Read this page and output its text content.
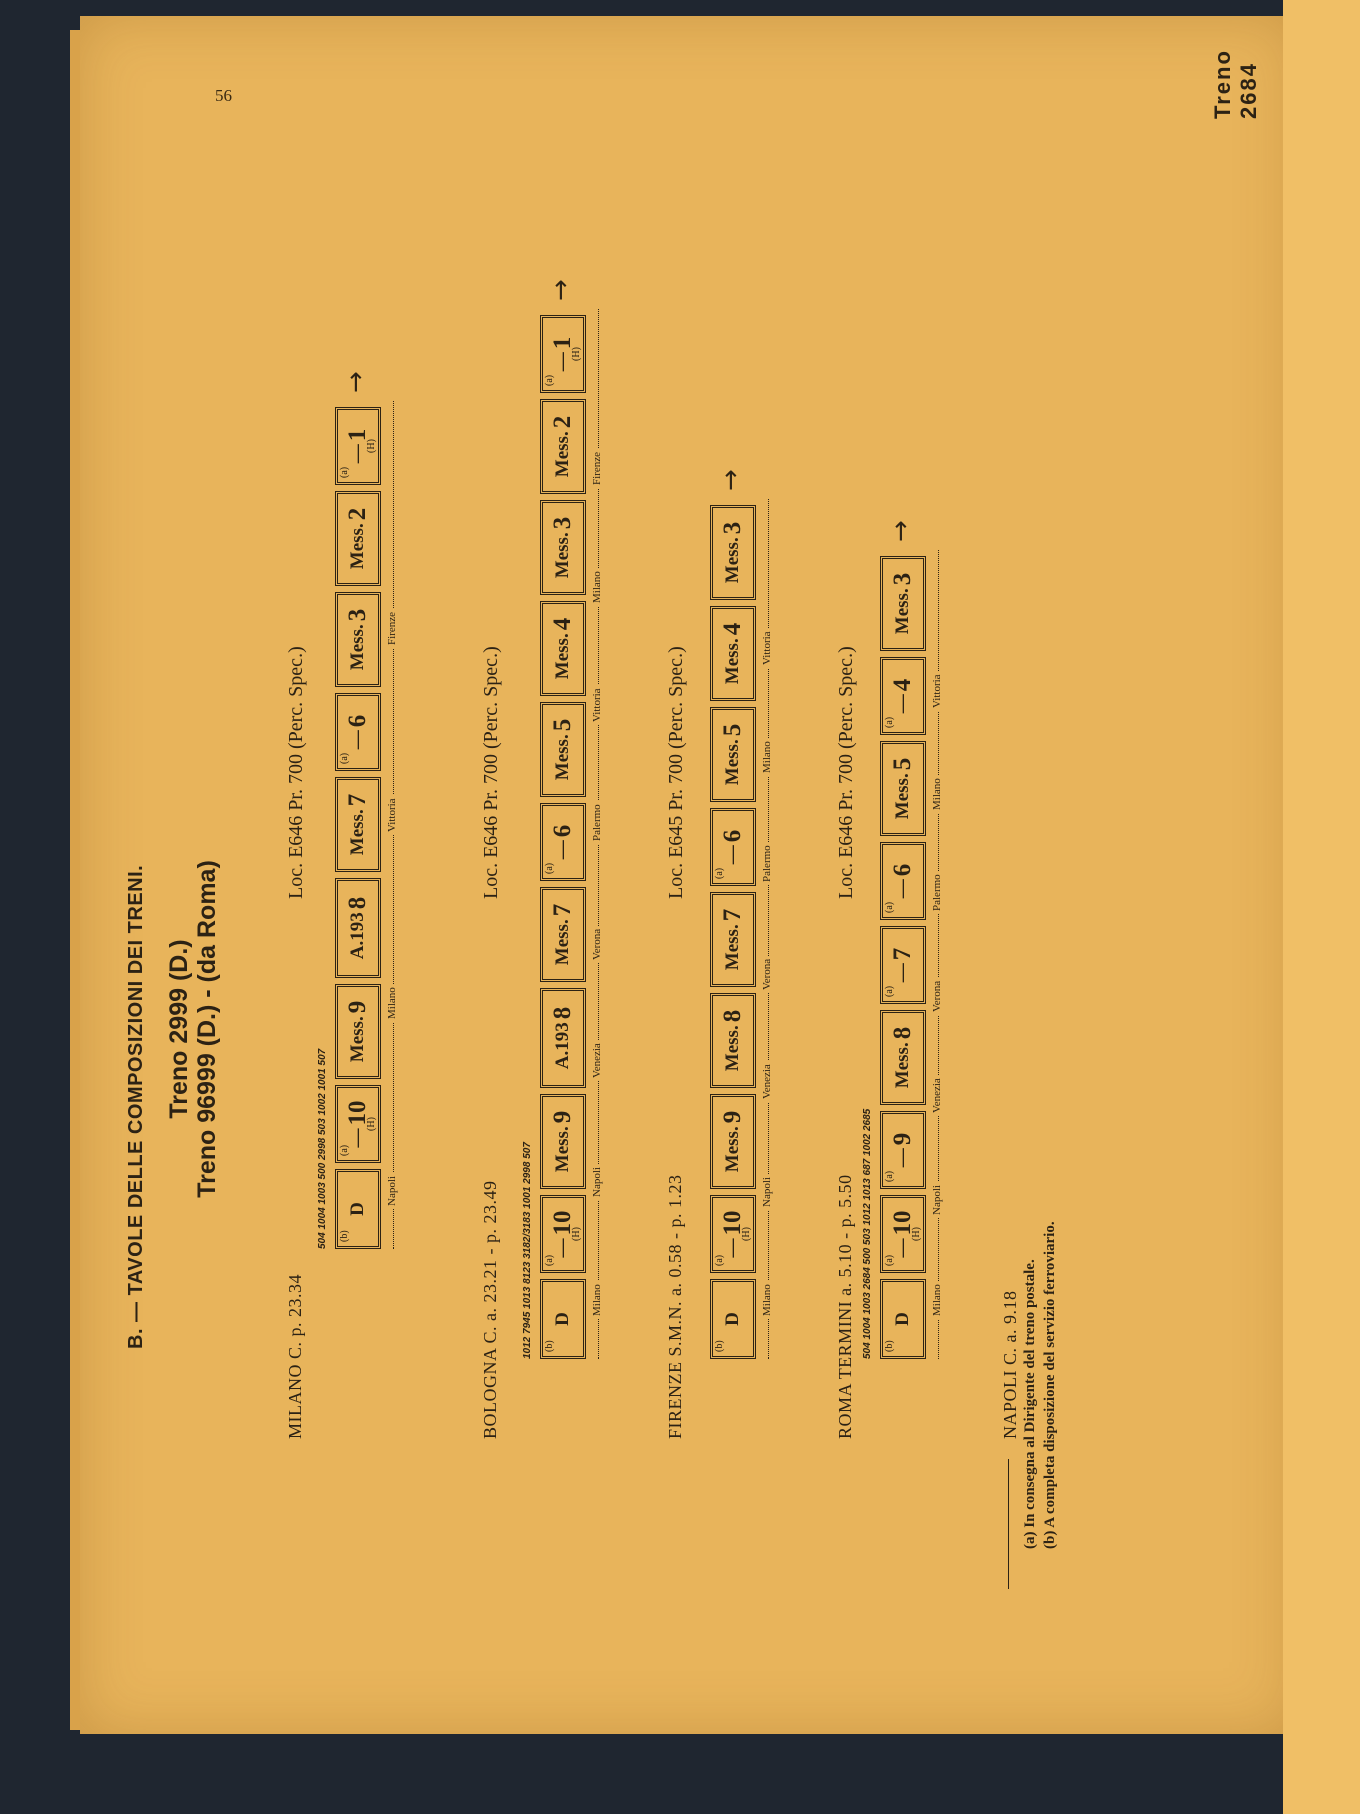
56
B. — TAVOLE DELLE COMPOSIZIONI DEI TRENI. Treno 2999 (D.) Treno 96999 (D.) - (da Roma)
MILANO C. p. 23.34
Loc. E646 Pr. 700 (Perc. Spec.)
BOLOGNA C. a. 23.21 - p. 23.49
Loc. E646 Pr. 700 (Perc. Spec.)
FIRENZE S.M.N. a. 0.58 - p. 1.23
Loc. E645 Pr. 700 (Perc. Spec.)
ROMA TERMINI a. 5.10 - p. 5.50
Loc. E646 Pr. 700 (Perc. Spec.)
NAPOLI C. a. 9.18
(b)
D
(a)
—
10
(H)
Mess.
9
A.193
8
Mess.
7
(a)
—
6
Mess.
3
Mess.
2
(a)
—
1
(H)
→
504 1004 1003 500 2998 503 1002 1001 507	Napoli
Milano
Vittoria
Firenze
(b)
D
(a)
—
10
(H)
Mess.
9
A.193
8
Mess.
7
(a)
—
6
Mess.
5
Mess.
4
Mess.
3
Mess.
2
(a)
—
1
(H)
→
1012 7945 1013 8123 3182/3183 1001 2998 507	Milano
Napoli
Venezia
Verona
Palermo
Vittoria
Milano
Firenze
(b)
D
(a)
—
10
(H)
Mess.
9
Mess.
8
Mess.
7
(a)
—
6
Mess.
5
Mess.
4
Mess.
3
→
Milano
Napoli
Venezia
Verona
Palermo
Milano
Vittoria
(b)
D
(a)
—
10
(H)
(a)
—
9
Mess.
8
(a)
—
7
(a)
—
6
Mess.
5
(a)
—
4
Mess.
3
→
504 1004 1003 2684 500 503 1012 1013 687 1002 2685	Milano
Napoli
Venezia
Verona
Palermo
Milano
Vittoria
(a) In consegna al Dirigente del treno postale. (b) A completa disposizione del servizio ferroviario.
Treno 2684
